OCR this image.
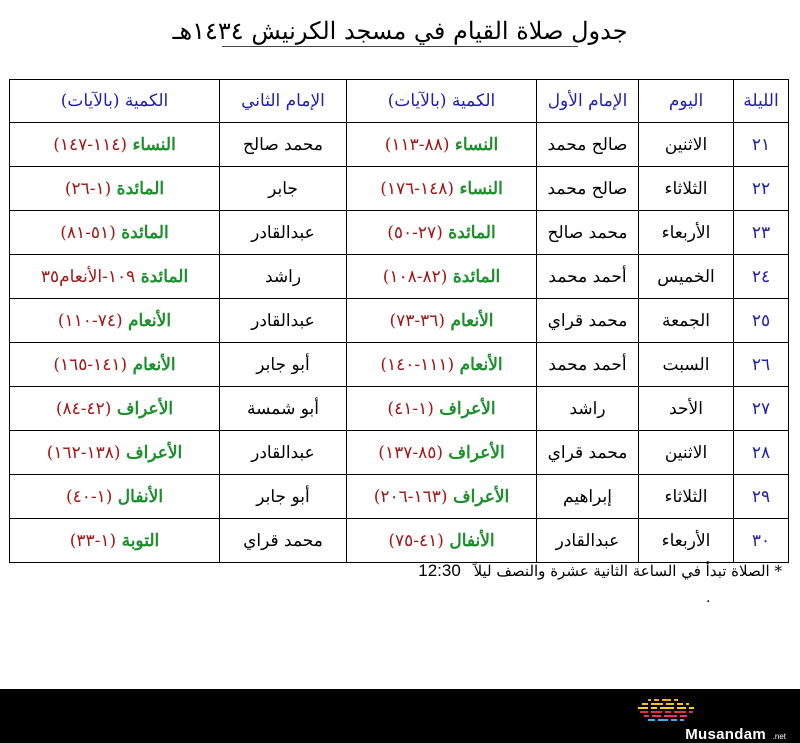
جدول صلاة القيام في مسجد الكرنيش ١٤٣٤هـ
الليلة	اليوم	الإمام الأول	الكمية (بالآيات)	الإمام الثاني	الكمية (بالآيات)
٢١	الاثنين	صالح محمد	النساء (٨٨-١١٣)	محمد صالح	النساء (١١٤-١٤٧)
٢٢	الثلاثاء	صالح محمد	النساء (١٤٨-١٧٦)	جابر	المائدة (١-٢٦)
٢٣	الأربعاء	محمد صالح	المائدة (٢٧-٥٠)	عبدالقادر	المائدة (٥١-٨١)
٢٤	الخميس	أحمد محمد	المائدة (٨٢-١٠٨)	راشد	المائدة ١٠٩-الأنعام٣٥
٢٥	الجمعة	محمد قراي	الأنعام (٣٦-٧٣)	عبدالقادر	الأنعام (٧٤-١١٠)
٢٦	السبت	أحمد محمد	الأنعام (١١١-١٤٠)	أبو جابر	الأنعام (١٤١-١٦٥)
٢٧	الأحد	راشد	الأعراف (١-٤١)	أبو شمسة	الأعراف (٤٢-٨٤)
٢٨	الاثنين	محمد قراي	الأعراف (٨٥-١٣٧)	عبدالقادر	الأعراف (١٣٨-١٦٢)
٢٩	الثلاثاء	إبراهيم	الأعراف (١٦٣-٢٠٦)	أبو جابر	الأنفال (١-٤٠)
٣٠	الأربعاء	عبدالقادر	الأنفال (٤١-٧٥)	محمد قراي	التوبة (١-٣٣)
* الصلاة تبدأ في الساعة الثانية عشرة والنصف ليلاً 12:30
.
Musandam .net
